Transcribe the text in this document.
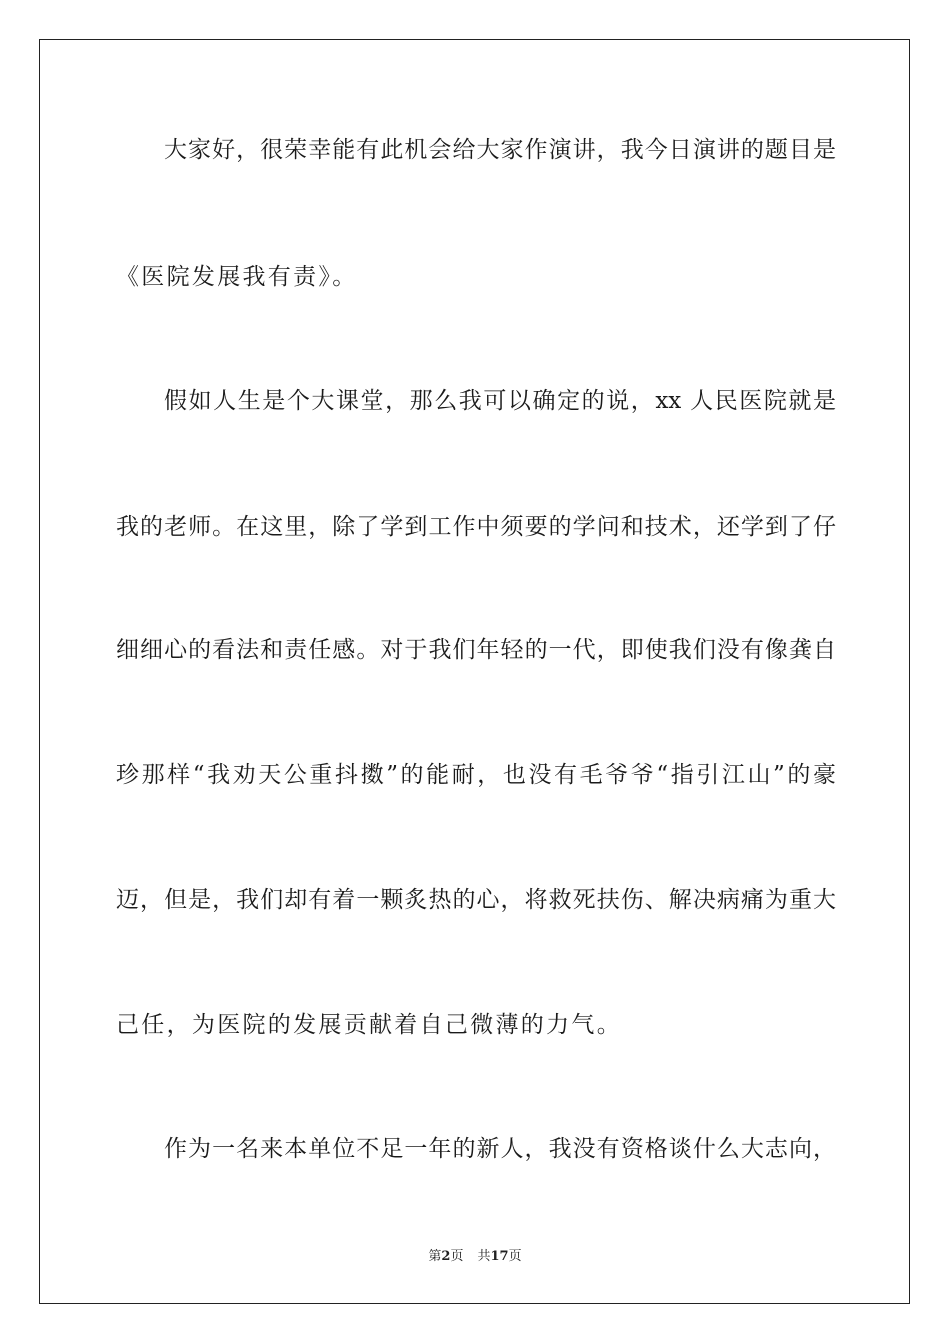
大家好，很荣幸能有此机会给大家作演讲，我今日演讲的题目是
《医院发展我有责》。
假如人生是个大课堂，那么我可以确定的说，xx 人民医院就是
我的老师。在这里，除了学到工作中须要的学问和技术，还学到了仔
细细心的看法和责任感。对于我们年轻的一代，即使我们没有像龚自
珍那样“我劝天公重抖擞”的能耐，也没有毛爷爷“指引江山”的豪
迈，但是，我们却有着一颗炙热的心，将救死扶伤、解决病痛为重大
己任，为医院的发展贡献着自己微薄的力气。
作为一名来本单位不足一年的新人，我没有资格谈什么大志向，
第2页 共17页
